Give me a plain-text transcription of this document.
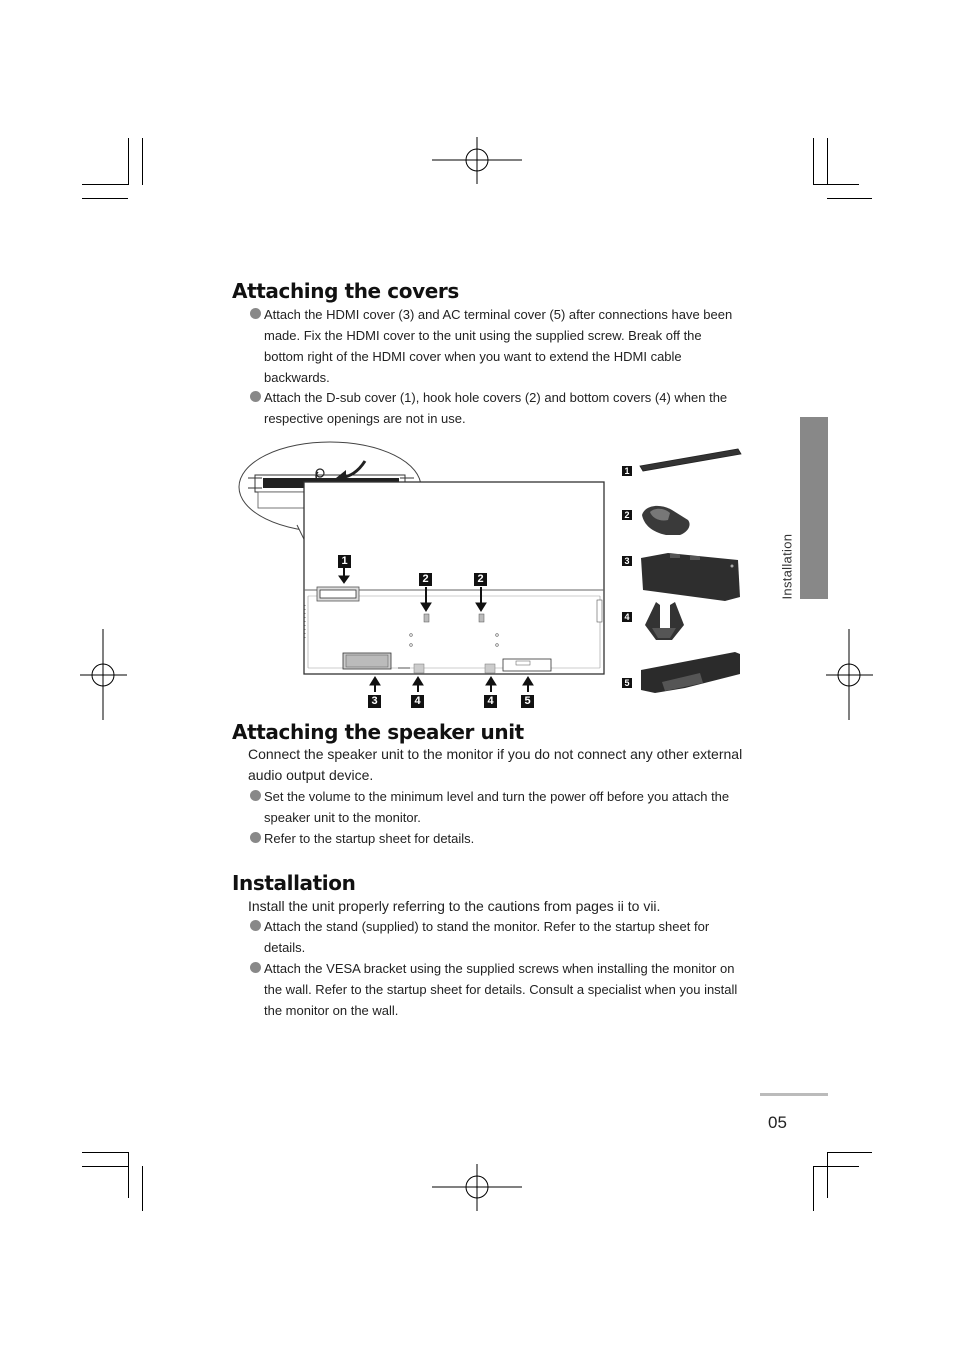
Installation
Attaching the covers
Attach the HDMI cover (3) and AC terminal cover (5) after connections have been made. Fix the HDMI cover to the unit using the supplied screw. Break off the bottom right of the HDMI cover when you want to extend the HDMI cable backwards.
Attach the D-sub cover (1), hook hole covers (2) and bottom covers (4) when the respective openings are not in use.
1
2	2
3	4	4	5
1
2
3
4
5
Attaching the speaker unit
Connect the speaker unit to the monitor if you do not connect any other external audio output device.
Set the volume to the minimum level and turn the power off before you attach the speaker unit to the monitor.
Refer to the startup sheet for details.
Installation
Install the unit properly referring to the cautions from pages ii to vii.
Attach the stand (supplied) to stand the monitor. Refer to the startup sheet for details.
Attach the VESA bracket using the supplied screws when installing the monitor on the wall. Refer to the startup sheet for details. Consult a specialist when you install the monitor on the wall.
05
